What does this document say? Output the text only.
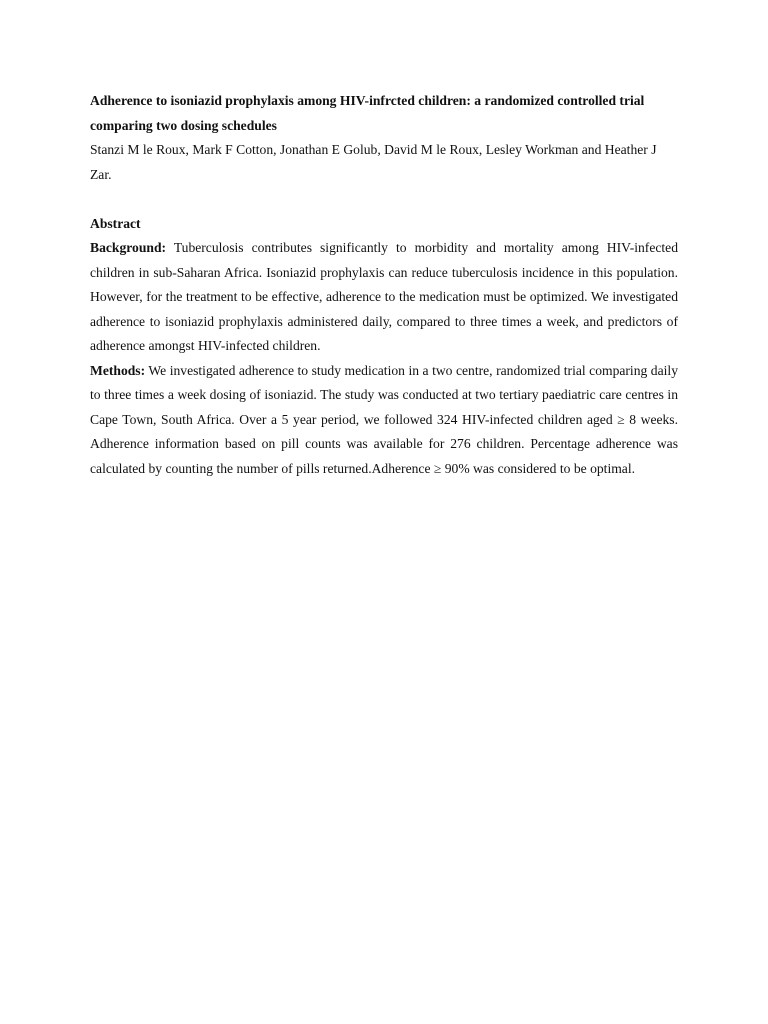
Adherence to isoniazid prophylaxis among HIV-infrcted children: a randomized controlled trial comparing two dosing schedules

Stanzi M le Roux, Mark F Cotton, Jonathan E Golub, David M le Roux, Lesley Workman and Heather J Zar.

Abstract

Background: Tuberculosis contributes significantly to morbidity and mortality among HIV-infected children in sub-Saharan Africa. Isoniazid prophylaxis can reduce tuberculosis incidence in this population. However, for the treatment to be effective, adherence to the medication must be optimized. We investigated adherence to isoniazid prophylaxis administered daily, compared to three times a week, and predictors of adherence amongst HIV-infected children.

Methods: We investigated adherence to study medication in a two centre, randomized trial comparing daily to three times a week dosing of isoniazid. The study was conducted at two tertiary paediatric care centres in Cape Town, South Africa. Over a 5 year period, we followed 324 HIV-infected children aged ≥ 8 weeks. Adherence information based on pill counts was available for 276 children. Percentage adherence was calculated by counting the number of pills returned.Adherence ≥ 90% was considered to be optimal.
